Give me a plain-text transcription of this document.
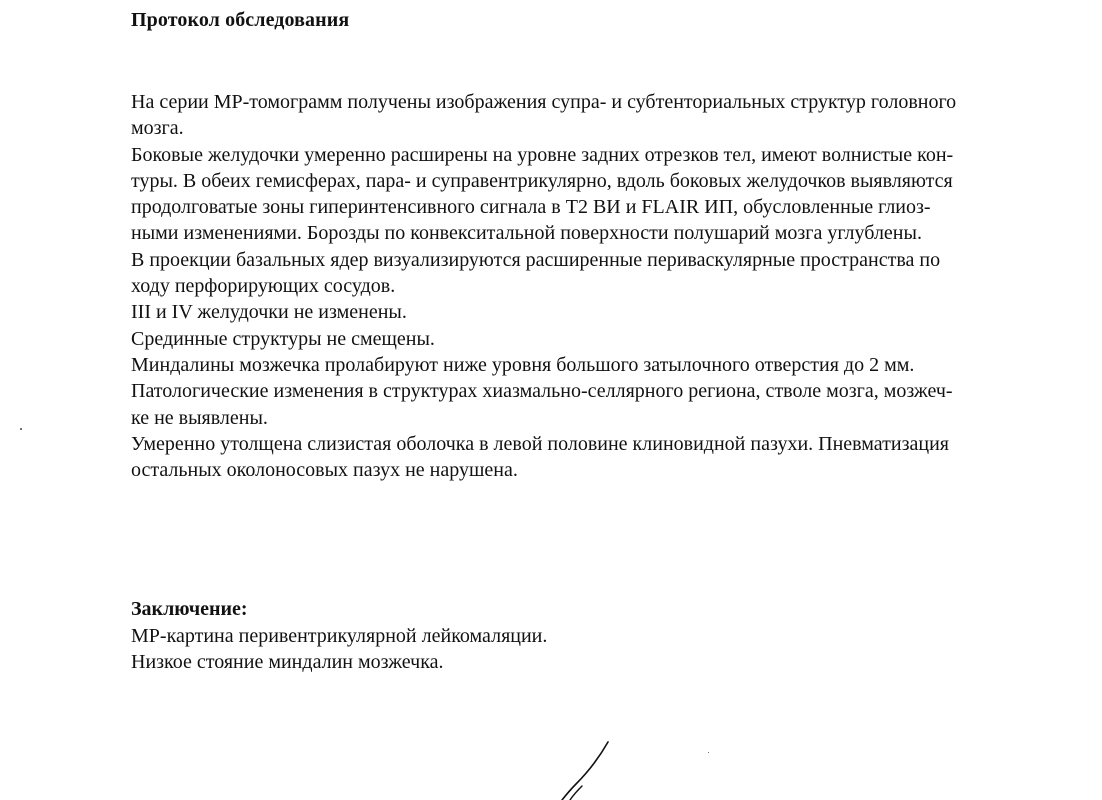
Протокол обследования
На серии МР-томограмм получены изображения супра- и субтенториальных структур головного
мозга.
Боковые желудочки умеренно расширены на уровне задних отрезков тел, имеют волнистые кон-
туры. В обеих гемисферах, пара- и суправентрикулярно, вдоль боковых желудочков выявляются
продолговатые зоны гиперинтенсивного сигнала в Т2 ВИ и FLAIR ИП, обусловленные глиоз-
ными изменениями. Борозды по конвекситальной поверхности полушарий мозга углублены.
В проекции базальных ядер визуализируются расширенные периваскулярные пространства по
ходу перфорирующих сосудов.
III и IV желудочки не изменены.
Срединные структуры не смещены.
Миндалины мозжечка пролабируют ниже уровня большого затылочного отверстия до 2 мм.
Патологические изменения в структурах хиазмально-селлярного региона, стволе мозга, мозжеч-
ке не выявлены.
Умеренно утолщена слизистая оболочка в левой половине клиновидной пазухи. Пневматизация
остальных околоносовых пазух не нарушена.
Заключение:
МР-картина перивентрикулярной лейкомаляции.
Низкое стояние миндалин мозжечка.
